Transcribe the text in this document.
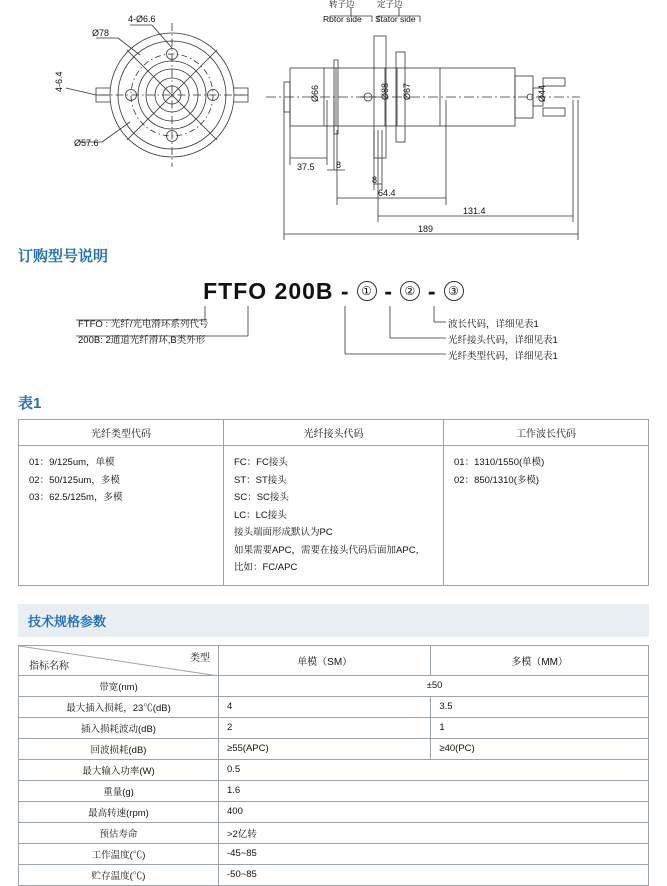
4-Ø6.6
Ø78
Ø57.6
4-6.4
转子边	定子边
Rotor side Stator side
Ø66	Ø88 Ø67	Ø44
37.5 8
8
64.4
131.4
189
订购型号说明
FTFO 200B - ① - ② - ③
FTFO : 光纤/光电滑环系列代号
200B: 2通道光纤滑环,B类外形
波长代码，详细见表1
光纤接头代码，详细见表1
光纤类型代码，详细见表1
表1
光纤类型代码	光纤接头代码	工作波长代码

01：9/125um，单模
02：50/125um，多模
03：62.5/125m，多模

FC：FC接头
ST：ST接头
SC：SC接头
LC：LC接头
接头端面形成默认为PC
如果需要APC，需要在接头代码后面加APC，
比如：FC/APC

01：1310/1550(单模)
02：850/1310(多模)
技术规格参数
类型
指标名称	单模（SM）	多模（MM）
带宽(nm)	±50	
最大插入损耗，23℃(dB)	4	3.5
插入损耗波动(dB)	2	1
回波损耗(dB)	≥55(APC)	≥40(PC)
最大输入功率(W)	0.5	
重量(g)	1.6	
最高转速(rpm)	400	
预估寿命	>2亿转	
工作温度(℃)	-45~85	
贮存温度(℃)	-50~85	
